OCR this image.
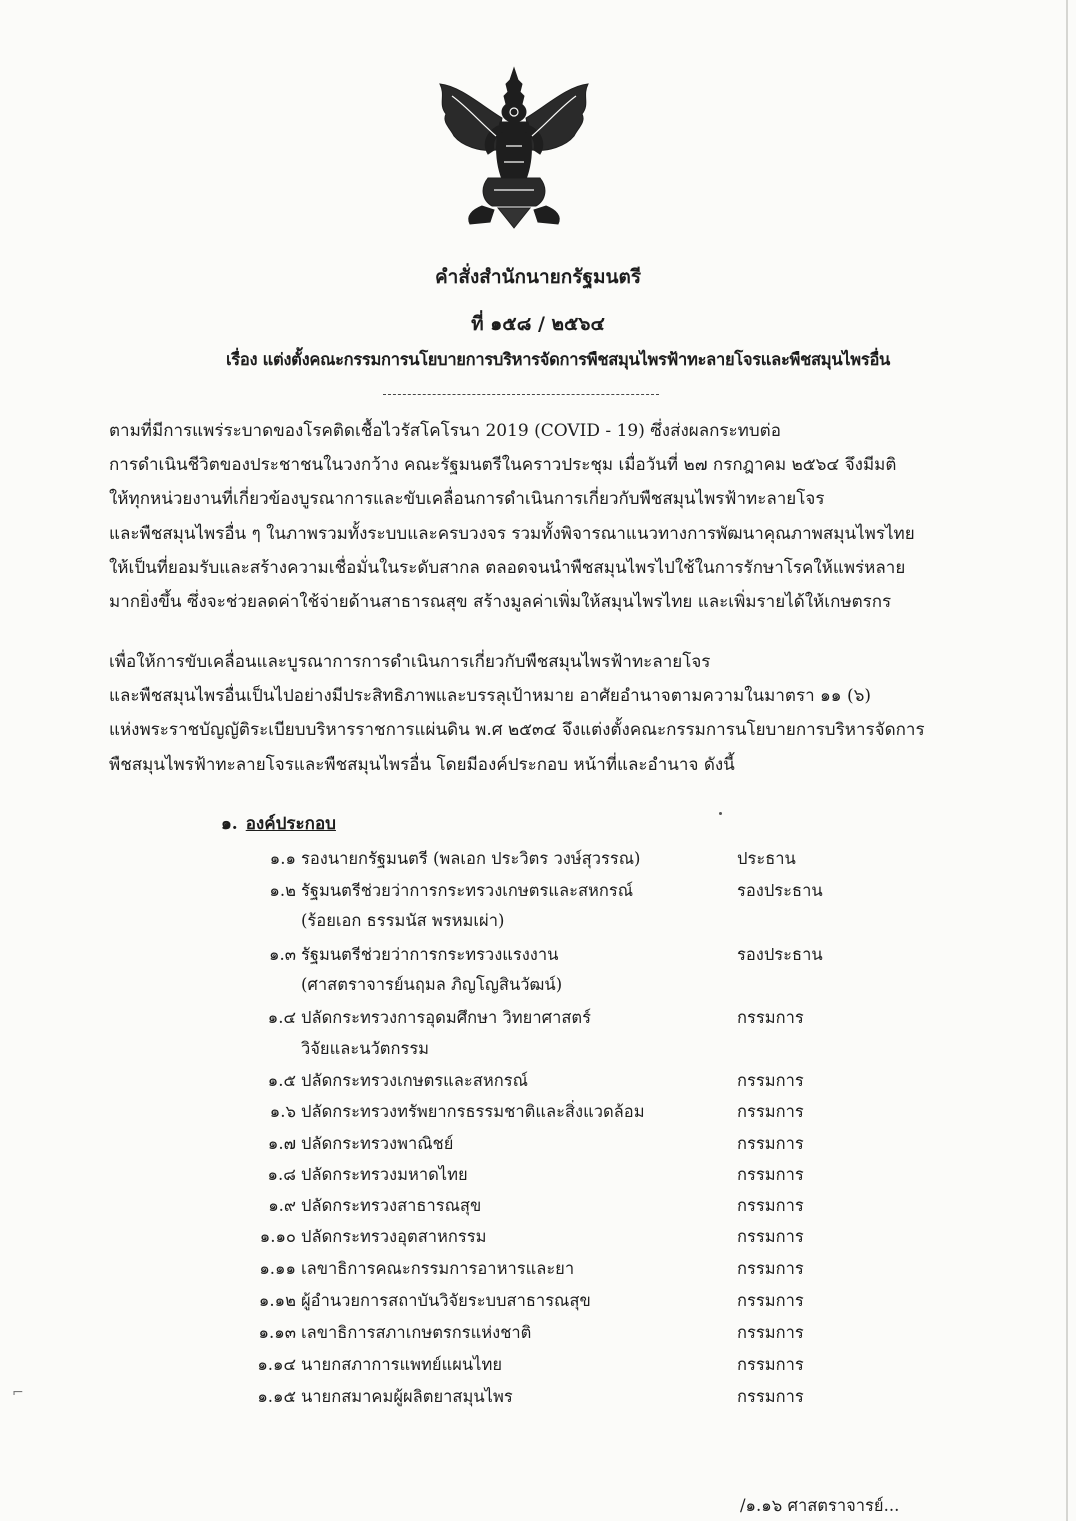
คำสั่งสำนักนายกรัฐมนตรี
ที่ ๑๕๘ / ๒๕๖๔
เรื่อง แต่งตั้งคณะกรรมการนโยบายการบริหารจัดการพืชสมุนไพรฟ้าทะลายโจรและพืชสมุนไพรอื่น
ตามที่มีการแพร่ระบาดของโรคติดเชื้อไวรัสโคโรนา 2019 (COVID - 19) ซึ่งส่งผลกระทบต่อ
การดำเนินชีวิตของประชาชนในวงกว้าง คณะรัฐมนตรีในคราวประชุม เมื่อวันที่ ๒๗ กรกฎาคม ๒๕๖๔ จึงมีมติ
ให้ทุกหน่วยงานที่เกี่ยวข้องบูรณาการและขับเคลื่อนการดำเนินการเกี่ยวกับพืชสมุนไพรฟ้าทะลายโจร
และพืชสมุนไพรอื่น ๆ ในภาพรวมทั้งระบบและครบวงจร รวมทั้งพิจารณาแนวทางการพัฒนาคุณภาพสมุนไพรไทย
ให้เป็นที่ยอมรับและสร้างความเชื่อมั่นในระดับสากล ตลอดจนนำพืชสมุนไพรไปใช้ในการรักษาโรคให้แพร่หลาย
มากยิ่งขึ้น ซึ่งจะช่วยลดค่าใช้จ่ายด้านสาธารณสุข สร้างมูลค่าเพิ่มให้สมุนไพรไทย และเพิ่มรายได้ให้เกษตรกร
เพื่อให้การขับเคลื่อนและบูรณาการการดำเนินการเกี่ยวกับพืชสมุนไพรฟ้าทะลายโจร
และพืชสมุนไพรอื่นเป็นไปอย่างมีประสิทธิภาพและบรรลุเป้าหมาย อาศัยอำนาจตามความในมาตรา ๑๑ (๖)
แห่งพระราชบัญญัติระเบียบบริหารราชการแผ่นดิน พ.ศ ๒๕๓๔ จึงแต่งตั้งคณะกรรมการนโยบายการบริหารจัดการ
พืชสมุนไพรฟ้าทะลายโจรและพืชสมุนไพรอื่น โดยมีองค์ประกอบ หน้าที่และอำนาจ ดังนี้
๑. องค์ประกอบ
๑.๑ รองนายกรัฐมนตรี (พลเอก ประวิตร วงษ์สุวรรณ)	ประธาน
๑.๒ รัฐมนตรีช่วยว่าการกระทรวงเกษตรและสหกรณ์	รองประธาน
(ร้อยเอก ธรรมนัส พรหมเผ่า)
๑.๓ รัฐมนตรีช่วยว่าการกระทรวงแรงงาน	รองประธาน
(ศาสตราจารย์นฤมล ภิญโญสินวัฒน์)
๑.๔ ปลัดกระทรวงการอุดมศึกษา วิทยาศาสตร์	กรรมการ
วิจัยและนวัตกรรม
๑.๕ ปลัดกระทรวงเกษตรและสหกรณ์	กรรมการ
๑.๖ ปลัดกระทรวงทรัพยากรธรรมชาติและสิ่งแวดล้อม	กรรมการ
๑.๗ ปลัดกระทรวงพาณิชย์	กรรมการ
๑.๘ ปลัดกระทรวงมหาดไทย	กรรมการ
๑.๙ ปลัดกระทรวงสาธารณสุข	กรรมการ
๑.๑๐ ปลัดกระทรวงอุตสาหกรรม	กรรมการ
๑.๑๑ เลขาธิการคณะกรรมการอาหารและยา	กรรมการ
๑.๑๒ ผู้อำนวยการสถาบันวิจัยระบบสาธารณสุข	กรรมการ
๑.๑๓ เลขาธิการสภาเกษตรกรแห่งชาติ	กรรมการ
๑.๑๔ นายกสภาการแพทย์แผนไทย	กรรมการ
๑.๑๕ นายกสมาคมผู้ผลิตยาสมุนไพร	กรรมการ
⌐
/๑.๑๖ ศาสตราจารย์...
